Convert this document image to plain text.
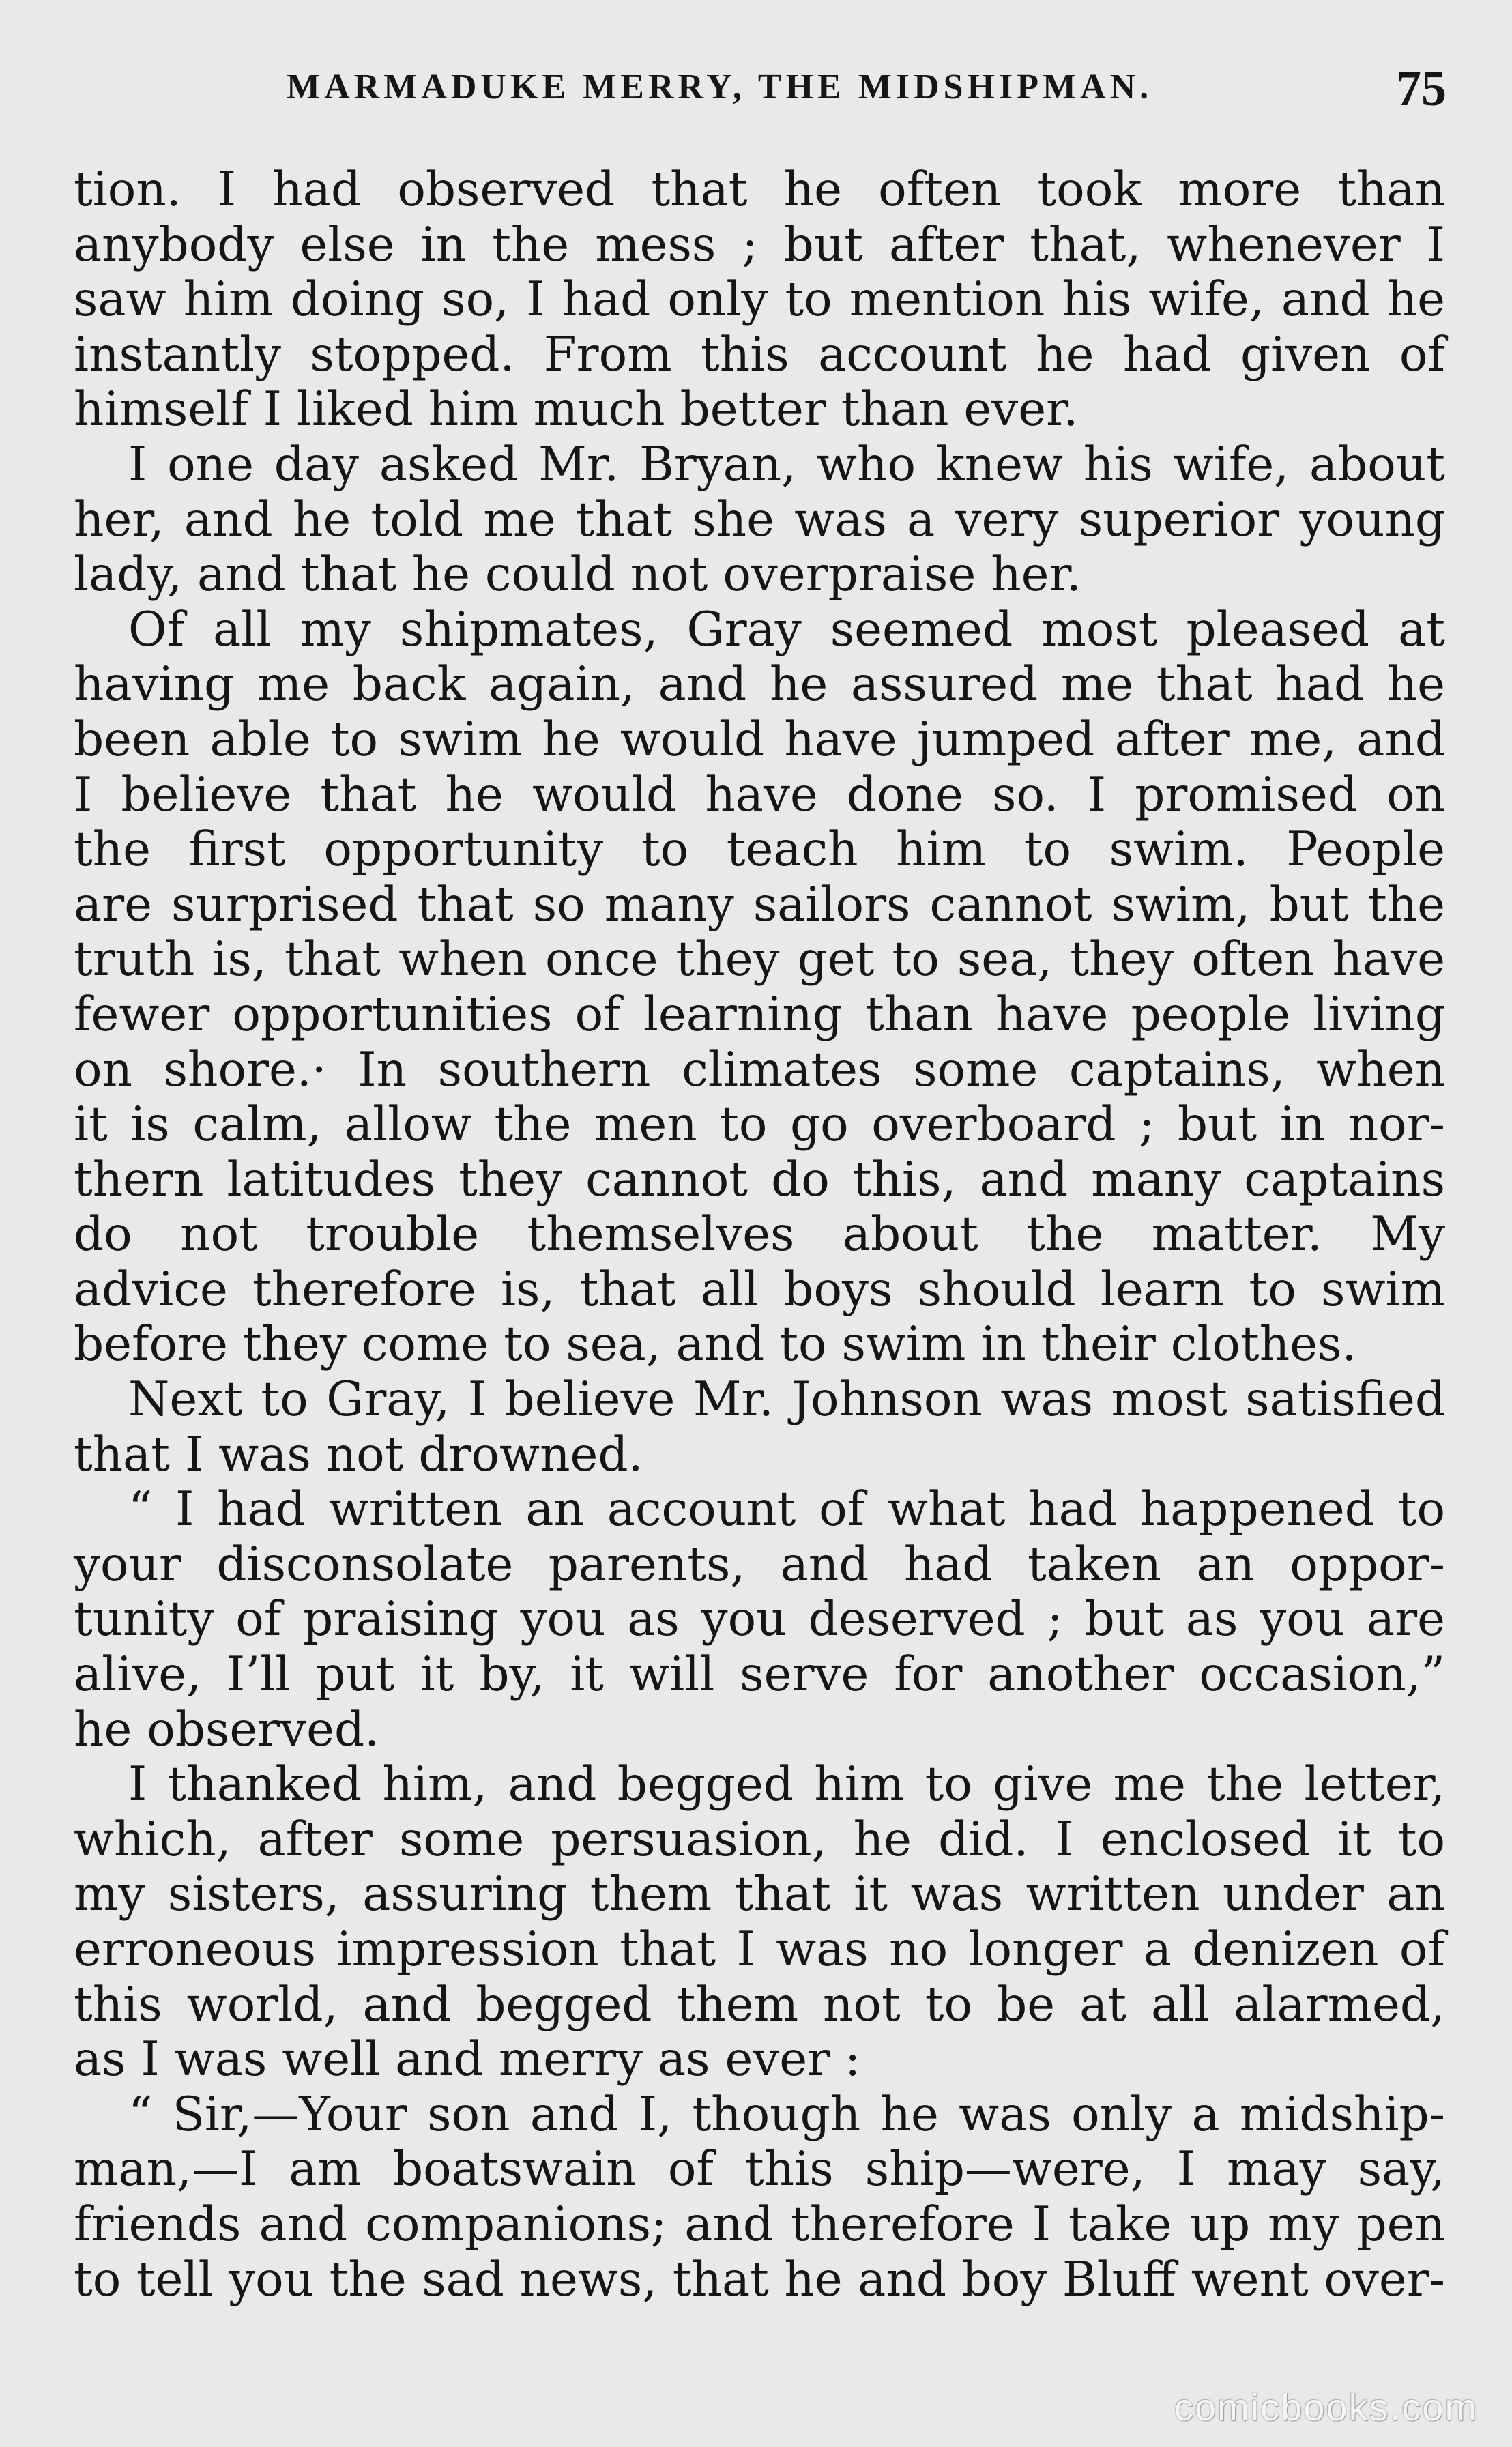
MARMADUKE MERRY, THE MIDSHIPMAN.	75
tion. I had observed that he often took more than
anybody else in the mess ; but after that, whenever I
saw him doing so, I had only to mention his wife, and he
instantly stopped. From this account he had given of
himself I liked him much better than ever.
I one day asked Mr. Bryan, who knew his wife, about
her, and he told me that she was a very superior young
lady, and that he could not overpraise her.
Of all my shipmates, Gray seemed most pleased at
having me back again, and he assured me that had he
been able to swim he would have jumped after me, and
I believe that he would have done so. I promised on
the first opportunity to teach him to swim. People
are surprised that so many sailors cannot swim, but the
truth is, that when once they get to sea, they often have
fewer opportunities of learning than have people living
on shore.· In southern climates some captains, when
it is calm, allow the men to go overboard ; but in nor-
thern latitudes they cannot do this, and many captains
do not trouble themselves about the matter. My
advice therefore is, that all boys should learn to swim
before they come to sea, and to swim in their clothes.
Next to Gray, I believe Mr. Johnson was most satisfied
that I was not drowned.
“ I had written an account of what had happened to
your disconsolate parents, and had taken an oppor-
tunity of praising you as you deserved ; but as you are
alive, I’ll put it by, it will serve for another occasion,”
he observed.
I thanked him, and begged him to give me the letter,
which, after some persuasion, he did. I enclosed it to
my sisters, assuring them that it was written under an
erroneous impression that I was no longer a denizen of
this world, and begged them not to be at all alarmed,
as I was well and merry as ever :
“ Sir,—Your son and I, though he was only a midship-
man,—I am boatswain of this ship—were, I may say,
friends and companions; and therefore I take up my pen
to tell you the sad news, that he and boy Bluff went over-
comicbooks.com
